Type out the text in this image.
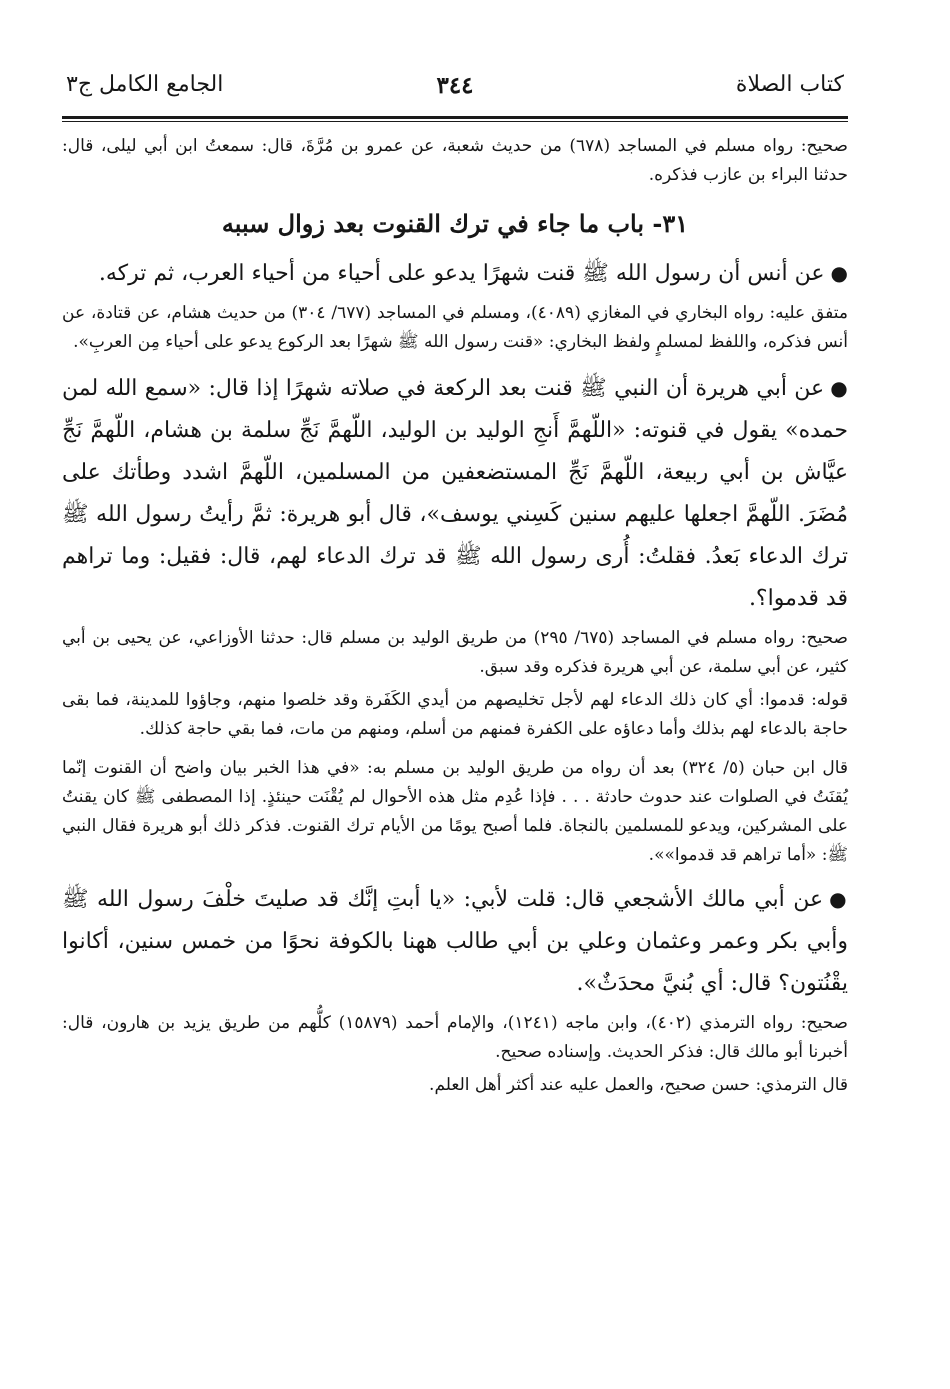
كتاب الصلاة
٣٤٤
الجامع الكامل ج٣

صحيح: رواه مسلم في المساجد (٦٧٨) من حديث شعبة، عن عمرو بن مُرَّةَ، قال: سمعتُ ابن أبي ليلى، قال: حدثنا البراء بن عازب فذكره.

٣١- باب ما جاء في ترك القنوت بعد زوال سببه

●عن أنس أن رسول الله ﷺ قنت شهرًا يدعو على أحياء من أحياء العرب، ثم تركه.

متفق عليه: رواه البخاري في المغازي (٤٠٨٩)، ومسلم في المساجد (٦٧٧/ ٣٠٤) من حديث هشام، عن قتادة، عن أنس فذكره، واللفظ لمسلمٍ ولفظ البخاري: «قنت رسول الله ﷺ شهرًا بعد الركوع يدعو على أحياء مِن العربِ».

●عن أبي هريرة أن النبي ﷺ قنت بعد الركعة في صلاته شهرًا إذا قال: «سمع الله لمن حمده» يقول في قنوته: «اللّهمَّ أَنجِ الوليد بن الوليد، اللّهمَّ نَجِّ سلمة بن هشام، اللّهمَّ نَجِّ عيَّاش بن أبي ربيعة، اللّهمَّ نَجِّ المستضعفين من المسلمين، اللّهمَّ اشدد وطأتك على مُضَرَ. اللّهمَّ اجعلها عليهم سنين كَسِني يوسف»، قال أبو هريرة: ثمَّ رأيتُ رسول الله ﷺ ترك الدعاء بَعدُ. فقلتُ: أُرى رسول الله ﷺ قد ترك الدعاء لهم، قال: فقيل: وما تراهم قد قدموا؟.

صحيح: رواه مسلم في المساجد (٦٧٥/ ٢٩٥) من طريق الوليد بن مسلم قال: حدثنا الأوزاعي، عن يحيى بن أبي كثير، عن أبي سلمة، عن أبي هريرة فذكره وقد سبق.

قوله: قدموا: أي كان ذلك الدعاء لهم لأجل تخليصهم من أيدي الكَفَرة وقد خلصوا منهم، وجاؤوا للمدينة، فما بقى حاجة بالدعاء لهم بذلك وأما دعاؤه على الكفرة فمنهم من أسلم، ومنهم من مات، فما بقي حاجة كذلك.

قال ابن حبان (٥/ ٣٢٤) بعد أن رواه من طريق الوليد بن مسلم به: «في هذا الخبر بيان واضح أن القنوت إنّما يُقنَتُ في الصلوات عند حدوث حادثة . . . فإذا عُدِم مثل هذه الأحوال لم يُقْنَت حينئذٍ. إذا المصطفى ﷺ كان يقنتُ على المشركين، ويدعو للمسلمين بالنجاة. فلما أصبح يومًا من الأيام ترك القنوت. فذكر ذلك أبو هريرة فقال النبي ﷺ: «أما تراهم قد قدموا»».

●عن أبي مالك الأشجعي قال: قلت لأبي: «يا أبتِ إنَّك قد صليتَ خلْفَ رسول الله ﷺ وأبي بكر وعمر وعثمان وعلي بن أبي طالب ههنا بالكوفة نحوًا من خمس سنين، أكانوا يقْنُتون؟ قال: أي بُنيَّ محدَثٌ».

صحيح: رواه الترمذي (٤٠٢)، وابن ماجه (١٢٤١)، والإمام أحمد (١٥٨٧٩) كلُّهم من طريق يزيد بن هارون، قال: أخبرنا أبو مالك قال: فذكر الحديث. وإسناده صحيح.

قال الترمذي: حسن صحيح، والعمل عليه عند أكثر أهل العلم.
